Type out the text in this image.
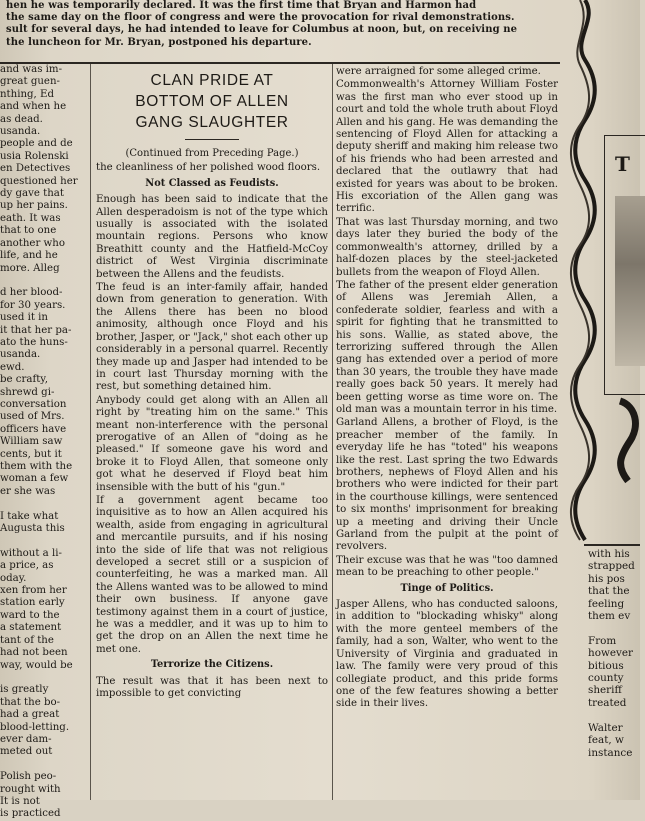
hen he was temporarily declared. It was the first time that Bryan and Harmon had
the same day on the floor of congress and were the provocation for rival demonstrations.
sult for several days, he had intended to leave for Columbus at noon, but, on receiving ne
the luncheon for Mr. Bryan, postponed his departure.
and was im-
great guen-
nthing, Ed
and when he
as dead.
usanda.
people and de
usia Rolenski
en Detectives
questioned her
dy gave that
up her pains.
eath. It was
that to one
another who
life, and he
more. Alleg

d her blood-
for 30 years.
used it in
it that her pa-
ato the huns-
usanda.
ewd.
be crafty,
shrewd gi-
conversation
used of Mrs.
officers have
William saw
cents, but it
them with the
woman a few
er she was

I take what
Augusta this

without a li-
a price, as
oday.
xen from her
station early
ward to the
a statement
tant of the
had not been
way, would be

is greatly
that the bo-
had a great
blood-letting.
ever dam-
meted out

Polish peo-
rought with
It is not
is practiced
CLAN PRIDE AT
BOTTOM OF ALLEN
GANG SLAUGHTER
(Continued from Preceding Page.)

the cleanliness of her polished wood floors.

Not Classed as Feudists.

Enough has been said to indicate that the Allen desperadoism is not of the type which usually is associated with the isolated mountain regions. Persons who know Breathitt county and the Hatfield-McCoy district of West Virginia discriminate between the Allens and the feudists.

The feud is an inter-family affair, handed down from generation to generation. With the Allens there has been no blood animosity, although once Floyd and his brother, Jasper, or "Jack," shot each other up considerably in a personal quarrel. Recently they made up and Jasper had intended to be in court last Thursday morning with the rest, but something detained him.

Anybody could get along with an Allen all right by "treating him on the same." This meant non-interference with the personal prerogative of an Allen of "doing as he pleased." If someone gave his word and broke it to Floyd Allen, that someone only got what he deserved if Floyd beat him insensible with the butt of his "gun."

If a government agent became too inquisitive as to how an Allen acquired his wealth, aside from engaging in agricultural and mercantile pursuits, and if his nosing into the side of life that was not religious developed a secret still or a suspicion of counterfeiting, he was a marked man. All the Allens wanted was to be allowed to mind their own business. If anyone gave testimony against them in a court of justice, he was a meddler, and it was up to him to get the drop on an Allen the next time he met one.

Terrorize the Citizens.

The result was that it has been next to impossible to get convicting

were arraigned for some alleged crime.

Commonwealth's Attorney William Foster was the first man who ever stood up in court and told the whole truth about Floyd Allen and his gang. He was demanding the sentencing of Floyd Allen for attacking a deputy sheriff and making him release two of his friends who had been arrested and declared that the outlawry that had existed for years was about to be broken. His excoriation of the Allen gang was terrific.

That was last Thursday morning, and two days later they buried the body of the commonwealth's attorney, drilled by a half-dozen places by the steel-jacketed bullets from the weapon of Floyd Allen.

The father of the present elder generation of Allens was Jeremiah Allen, a confederate soldier, fearless and with a spirit for fighting that he transmitted to his sons. Wallie, as stated above, the terrorizing suffered through the Allen gang has extended over a period of more than 30 years, the trouble they have made really goes back 50 years. It merely had been getting worse as time wore on. The old man was a mountain terror in his time.

Garland Allens, a brother of Floyd, is the preacher member of the family. In everyday life he has "toted" his weapons like the rest. Last spring the two Edwards brothers, nephews of Floyd Allen and his brothers who were indicted for their part in the courthouse killings, were sentenced to six months' imprisonment for breaking up a meeting and driving their Uncle Garland from the pulpit at the point of revolvers.

Their excuse was that he was "too damned mean to be preaching to other people."

Tinge of Politics.

Jasper Allens, who has conducted saloons, in addition to "blockading whisky" along with the more genteel members of the family, had a son, Walter, who went to the University of Virginia and graduated in law. The family were very proud of this collegiate product, and this pride forms one of the few features showing a better side in their lives.

T
with his
strapped
his pos
that the
feeling
them ev

From
however
bitious
county
sheriff
treated

Walter
feat, w
instance
